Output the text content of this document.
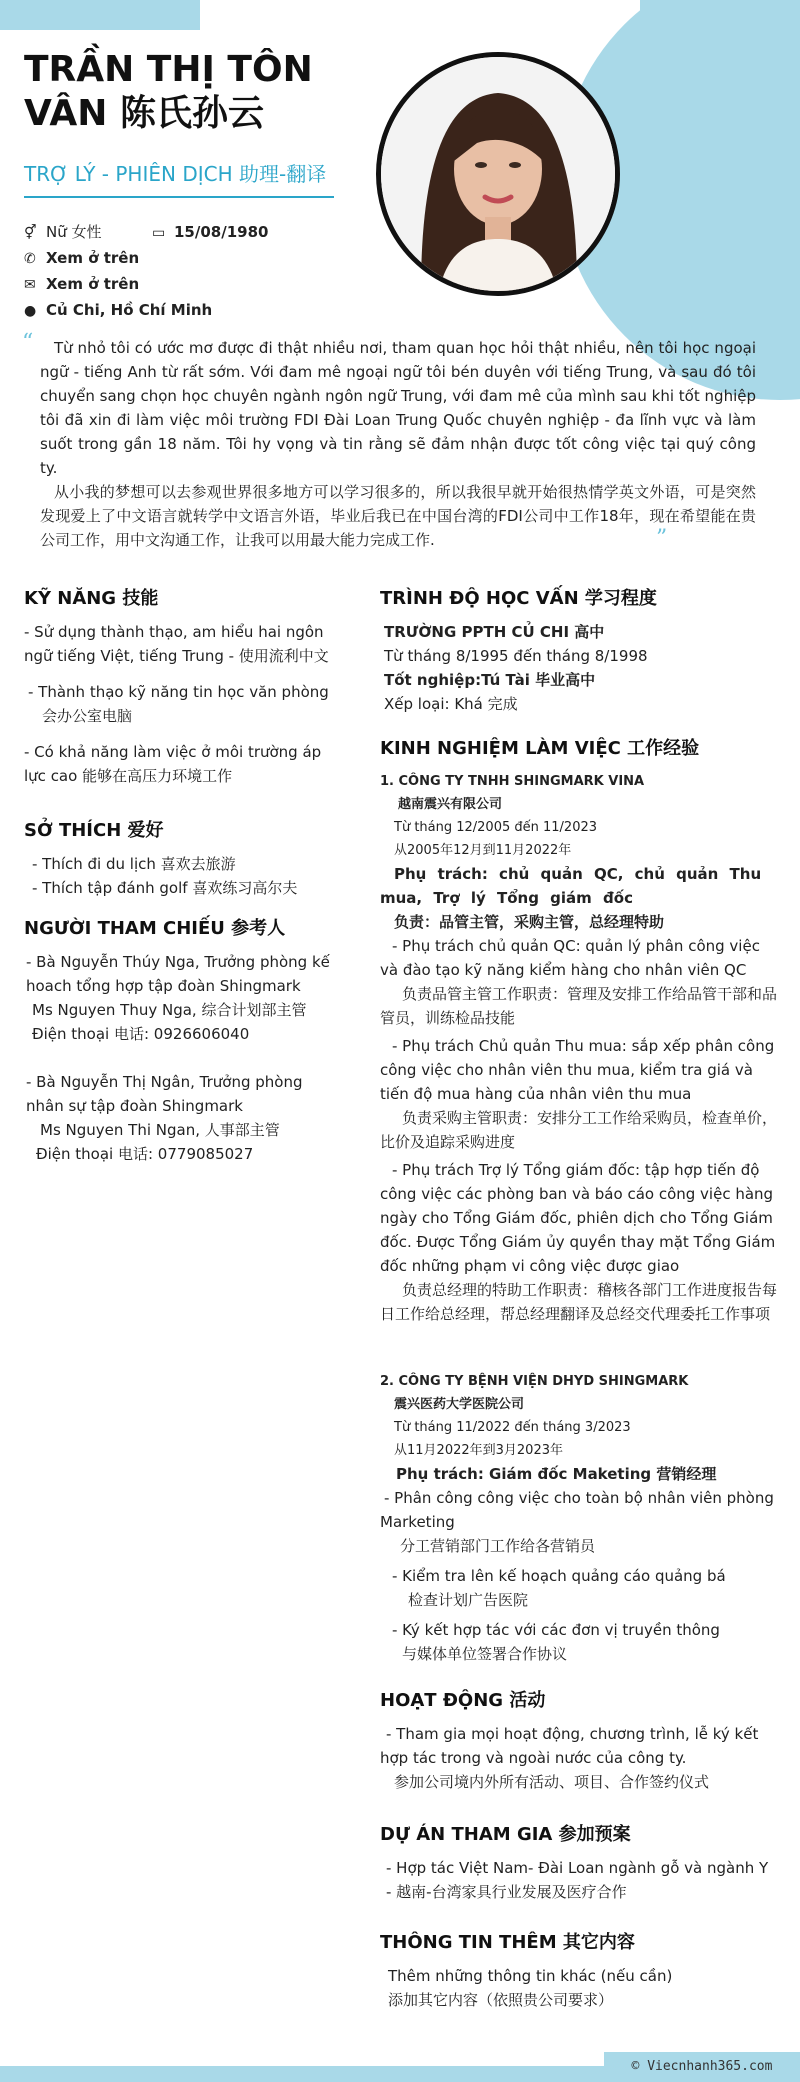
TRẦN THỊ TÔN VÂN 陈氏孙云
TRỢ LÝ - PHIÊN DỊCH 助理-翻译
⚥ Nữ 女性	▭ 15/08/1980
✆ Xem ở trên
✉ Xem ở trên
● Củ Chi, Hồ Chí Minh
“	Từ nhỏ tôi có ước mơ được đi thật nhiều nơi, tham quan học hỏi thật nhiều, nên tôi học ngoại ngữ - tiếng Anh từ rất sớm. Với đam mê ngoại ngữ tôi bén duyên với tiếng Trung, và sau đó tôi chuyển sang chọn học chuyên ngành ngôn ngữ Trung, với đam mê của mình sau khi tốt nghiệp tôi đã xin đi làm việc môi trường FDI Đài Loan Trung Quốc chuyên nghiệp - đa lĩnh vực và làm suốt trong gần 18 năm. Tôi hy vọng và tin rằng sẽ đảm nhận được tốt công việc tại quý công ty.
从小我的梦想可以去参观世界很多地方可以学习很多的，所以我很早就开始很热情学英文外语，可是突然发现爱上了中文语言就转学中文语言外语，毕业后我已在中国台湾的FDI公司中工作18年，现在希望能在贵公司工作，用中文沟通工作，让我可以用最大能力完成工作.	”
KỸ NĂNG 技能
- Sử dụng thành thạo, am hiểu hai ngôn ngữ tiếng Việt, tiếng Trung - 使用流利中文
- Thành thạo kỹ năng tin học văn phòng
会办公室电脑
- Có khả năng làm việc ở môi trường áp lực cao 能够在高压力环境工作
SỞ THÍCH 爱好
- Thích đi du lịch 喜欢去旅游
- Thích tập đánh golf 喜欢练习高尔夫
NGƯỜI THAM CHIẾU 参考人
- Bà Nguyễn Thúy Nga, Trưởng phòng kế hoach tổng hợp tập đoàn Shingmark
Ms Nguyen Thuy Nga, 综合计划部主管
Điện thoại 电话: 0926606040
- Bà Nguyễn Thị Ngân, Trưởng phòng nhân sự tập đoàn Shingmark
Ms Nguyen Thi Ngan, 人事部主管
Điện thoại 电话: 0779085027
TRÌNH ĐỘ HỌC VẤN 学习程度
TRƯỜNG PPTH CỦ CHI 高中
Từ tháng 8/1995 đến tháng 8/1998
Tốt nghiệp:Tú Tài 毕业高中
Xếp loại: Khá 完成
KINH NGHIỆM LÀM VIỆC 工作经验
1. CÔNG TY TNHH SHINGMARK VINA
越南震兴有限公司
Từ tháng 12/2005 đến 11/2023
从2005年12月到11月2022年
Phụ trách: chủ quản QC, chủ quản Thu mua, Trợ lý Tổng giám đốc
负责：品管主管，采购主管，总经理特助
- Phụ trách chủ quản QC: quản lý phân công việc và đào tạo kỹ năng kiểm hàng cho nhân viên QC
负责品管主管工作职责：管理及安排工作给品管干部和品管员，训练检品技能
- Phụ trách Chủ quản Thu mua: sắp xếp phân công công việc cho nhân viên thu mua, kiểm tra giá và tiến độ mua hàng của nhân viên thu mua
负责采购主管职责：安排分工工作给采购员，检查单价，比价及追踪采购进度
- Phụ trách Trợ lý Tổng giám đốc: tập hợp tiến độ công việc các phòng ban và báo cáo công việc hàng ngày cho Tổng Giám đốc, phiên dịch cho Tổng Giám đốc. Được Tổng Giám ủy quyền thay mặt Tổng Giám đốc những phạm vi công việc được giao
负责总经理的特助工作职责：稽核各部门工作进度报告每日工作给总经理，帮总经理翻译及总经交代理委托工作事项
2. CÔNG TY BỆNH VIỆN DHYD SHINGMARK
震兴医药大学医院公司
Từ tháng 11/2022 đến tháng 3/2023
从11月2022年到3月2023年
Phụ trách: Giám đốc Maketing 营销经理
- Phân công công việc cho toàn bộ nhân viên phòng Marketing
分工营销部门工作给各营销员
- Kiểm tra lên kế hoạch quảng cáo quảng bá
检查计划广告医院
- Ký kết hợp tác với các đơn vị truyền thông
与媒体单位签署合作协议
HOẠT ĐỘNG 活动
- Tham gia mọi hoạt động, chương trình, lễ ký kết hợp tác trong và ngoài nước của công ty.
参加公司境内外所有活动、项目、合作签约仪式
DỰ ÁN THAM GIA 参加预案
- Hợp tác Việt Nam- Đài Loan ngành gỗ và ngành Y
- 越南-台湾家具行业发展及医疗合作
THÔNG TIN THÊM 其它内容
Thêm những thông tin khác (nếu cần)
添加其它内容（依照贵公司要求）
© Viecnhanh365.com
